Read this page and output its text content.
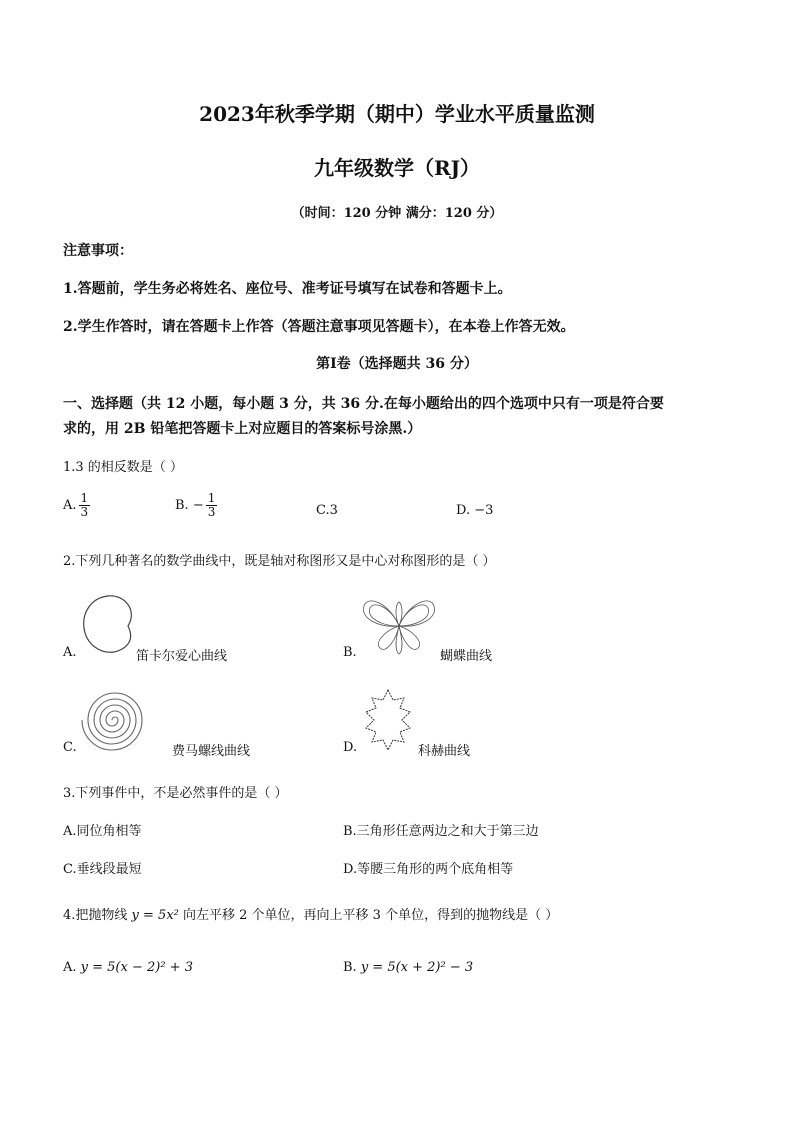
2023年秋季学期（期中）学业水平质量监测
九年级数学（RJ）
（时间：120 分钟 满分：120 分）
注意事项：
1.答题前，学生务必将姓名、座位号、准考证号填写在试卷和答题卡上。
2.学生作答时，请在答题卡上作答（答题注意事项见答题卡），在本卷上作答无效。
第Ⅰ卷（选择题共 36 分）
一、选择题（共 12 小题，每小题 3 分，共 36 分.在每小题给出的四个选项中只有一项是符合要
求的，用 2B 铅笔把答题卡上对应题目的答案标号涂黑.）
1.3 的相反数是（ ）
A. $\frac{1}{3}$	B. − $\frac{1}{3}$	C.3	D. −3
2.下列几种著名的数学曲线中，既是轴对称图形又是中心对称图形的是（ ）
A.	笛卡尔爱心曲线	B.	蝴蝶曲线
C.	费马螺线曲线	D.	科赫曲线
3.下列事件中，不是必然事件的是（ ）
A.同位角相等	B.三角形任意两边之和大于第三边
C.垂线段最短	D.等腰三角形的两个底角相等
4.把抛物线 y = 5x² 向左平移 2 个单位，再向上平移 3 个单位，得到的抛物线是（ ）
A. y = 5(x − 2)² + 3	B. y = 5(x + 2)² − 3
